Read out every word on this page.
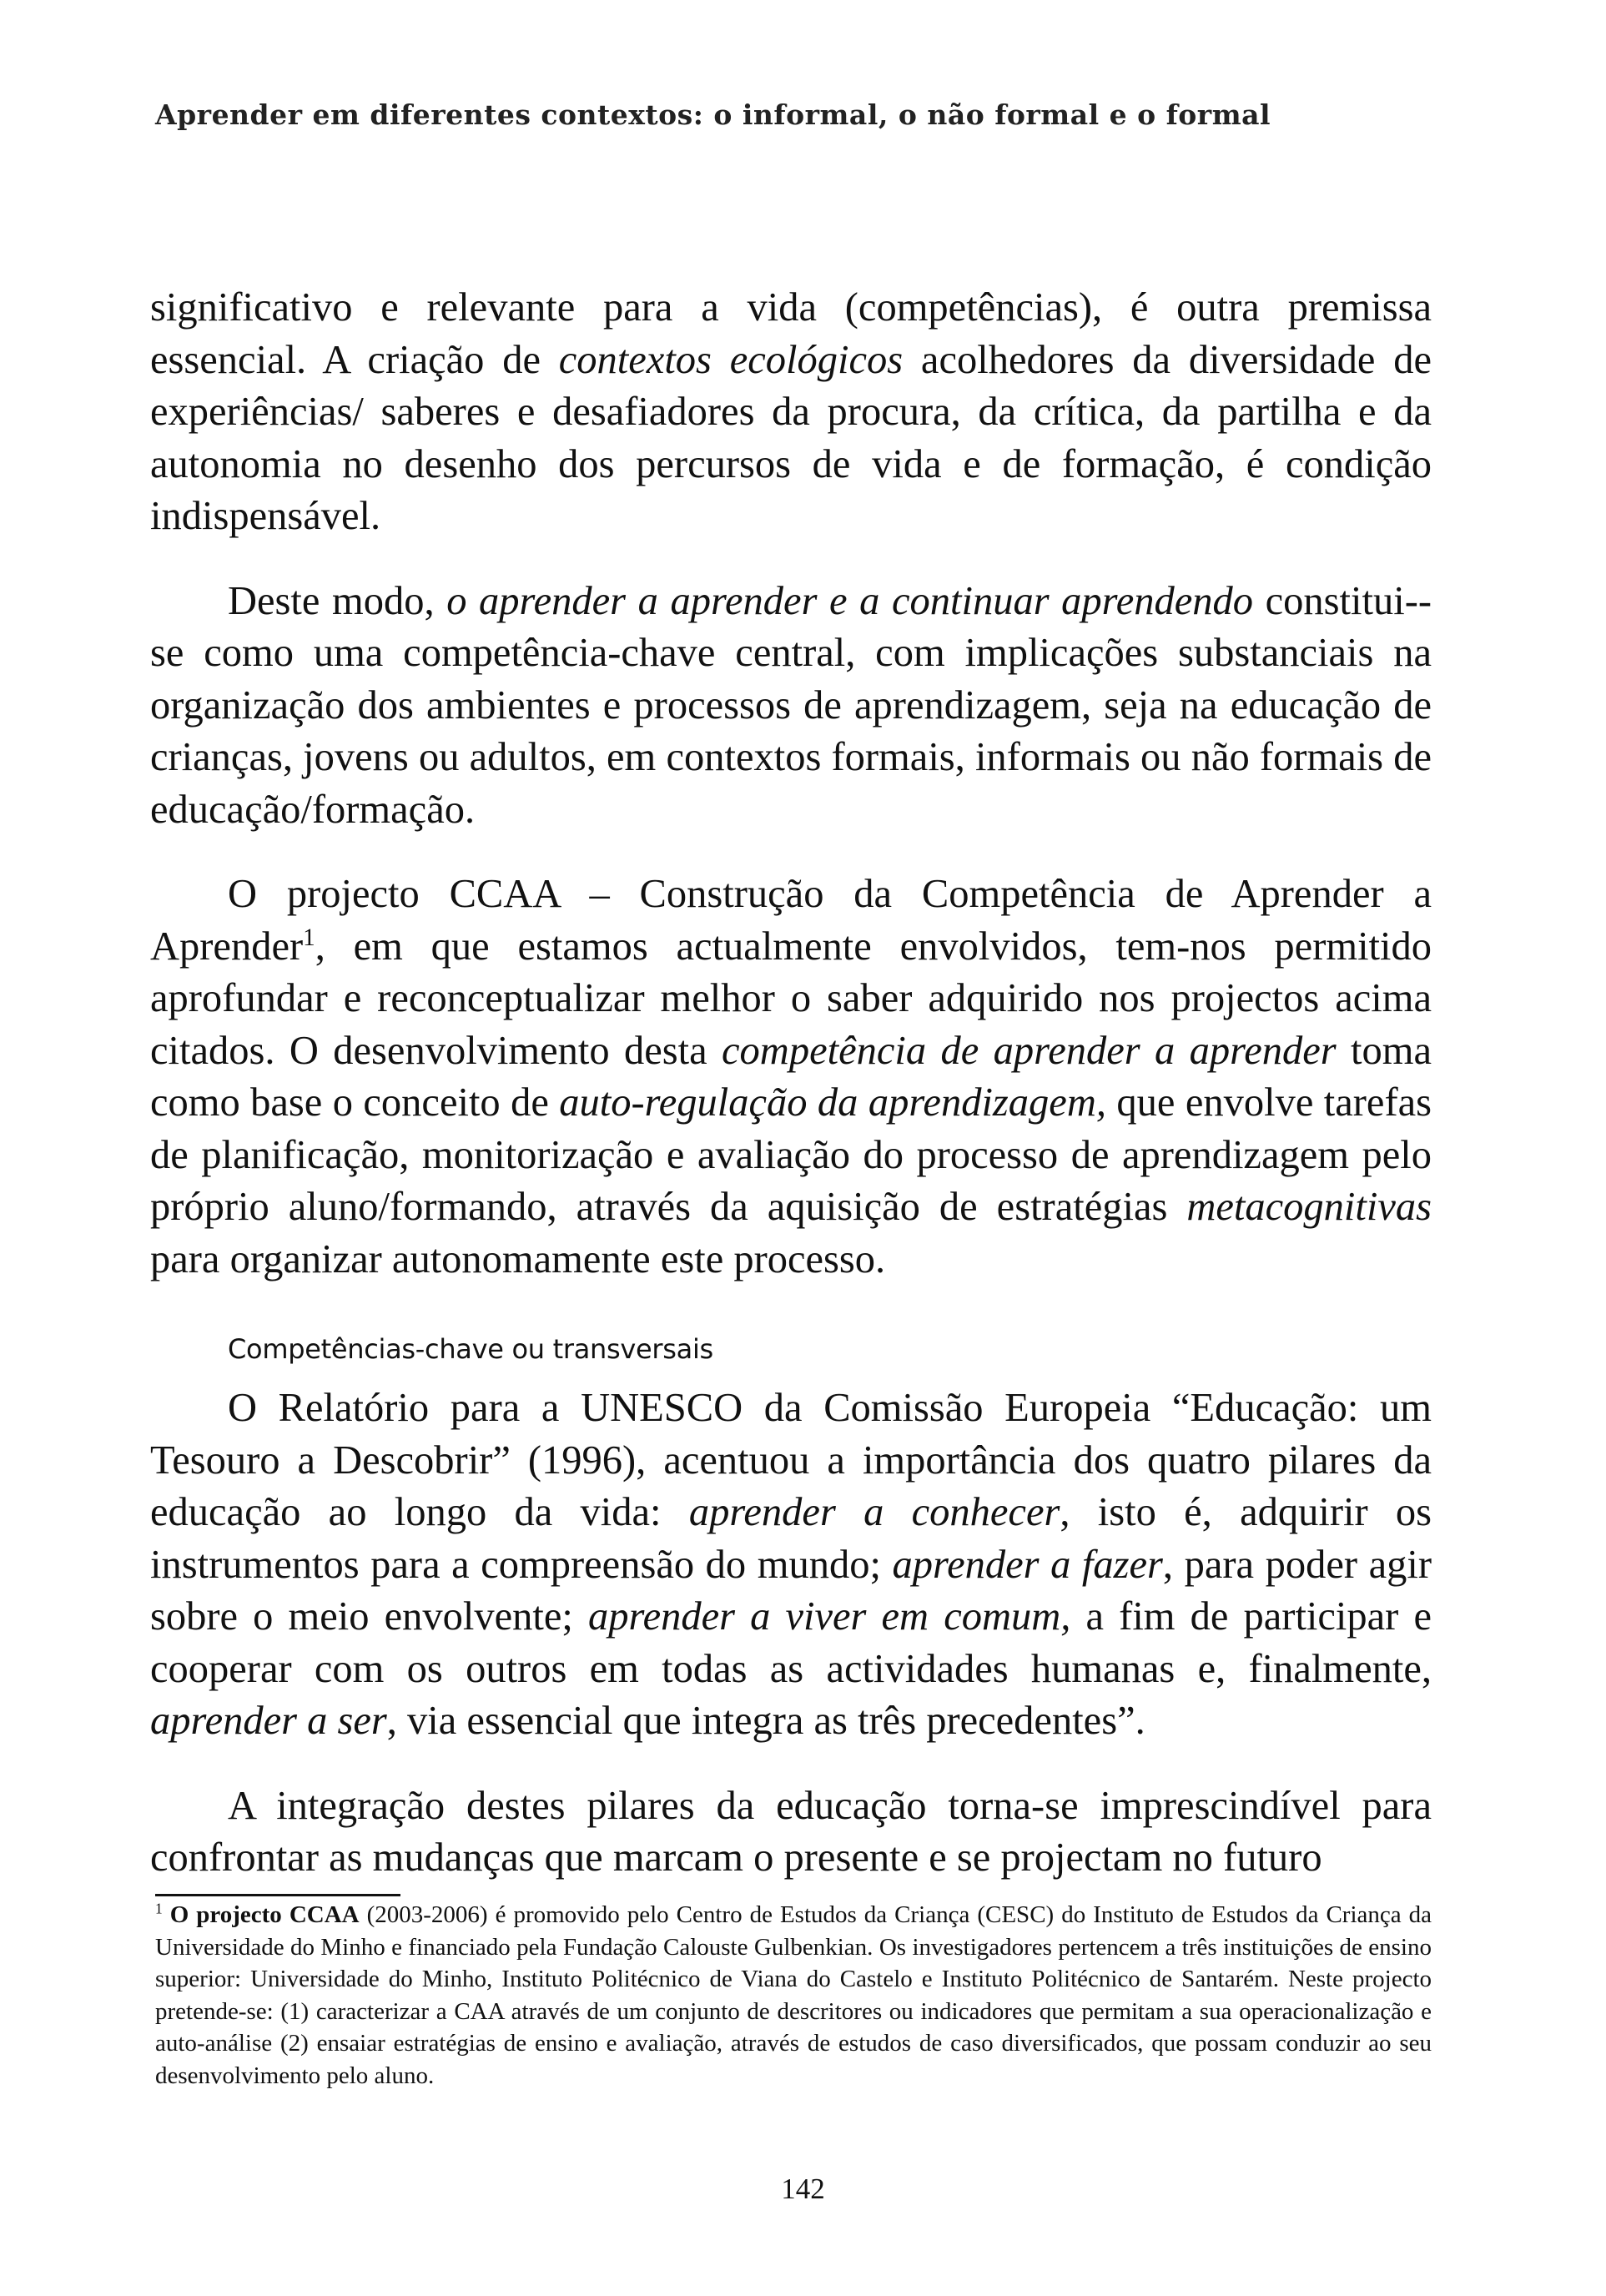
Aprender em diferentes contextos: o informal, o não formal e o formal

significativo e relevante para a vida (competências), é outra premissa essencial. A criação de contextos ecológicos acolhedores da diversidade de experiências/ saberes e desafiadores da procura, da crítica, da partilha e da autonomia no desenho dos percursos de vida e de formação, é condição indispensável.

Deste modo, o aprender a aprender e a continuar aprendendo constitui--se como uma competência-chave central, com implicações substanciais na organização dos ambientes e processos de aprendizagem, seja na educação de crianças, jovens ou adultos, em contextos formais, informais ou não formais de educação/formação.

O projecto CCAA – Construção da Competência de Aprender a Aprender$^1$, em que estamos actualmente envolvidos, tem-nos permitido aprofundar e reconceptualizar melhor o saber adquirido nos projectos acima citados. O desenvolvimento desta competência de aprender a aprender toma como base o conceito de auto-regulação da aprendizagem, que envolve tarefas de planificação, monitorização e avaliação do processo de aprendizagem pelo próprio aluno/formando, através da aquisição de estratégias metacognitivas para organizar autonomamente este processo.

Competências-chave ou transversais

O Relatório para a UNESCO da Comissão Europeia “Educação: um Tesouro a Descobrir” (1996), acentuou a importância dos quatro pilares da educação ao longo da vida: aprender a conhecer, isto é, adquirir os instrumentos para a compreensão do mundo; aprender a fazer, para poder agir sobre o meio envolvente; aprender a viver em comum, a fim de participar e cooperar com os outros em todas as actividades humanas e, finalmente, aprender a ser, via essencial que integra as três precedentes”.

A integração destes pilares da educação torna-se imprescindível para confrontar as mudanças que marcam o presente e se projectam no futuro

$^1$ O projecto CCAA (2003-2006) é promovido pelo Centro de Estudos da Criança (CESC) do Instituto de Estudos da Criança da Universidade do Minho e financiado pela Fundação Calouste Gulbenkian. Os investigadores pertencem a três instituições de ensino superior: Universidade do Minho, Instituto Politécnico de Viana do Castelo e Instituto Politécnico de Santarém. Neste projecto pretende-se: (1) caracterizar a CAA através de um conjunto de descritores ou indicadores que permitam a sua operacionalização e auto-análise (2) ensaiar estratégias de ensino e avaliação, através de estudos de caso diversificados, que possam conduzir ao seu desenvolvimento pelo aluno.

142
